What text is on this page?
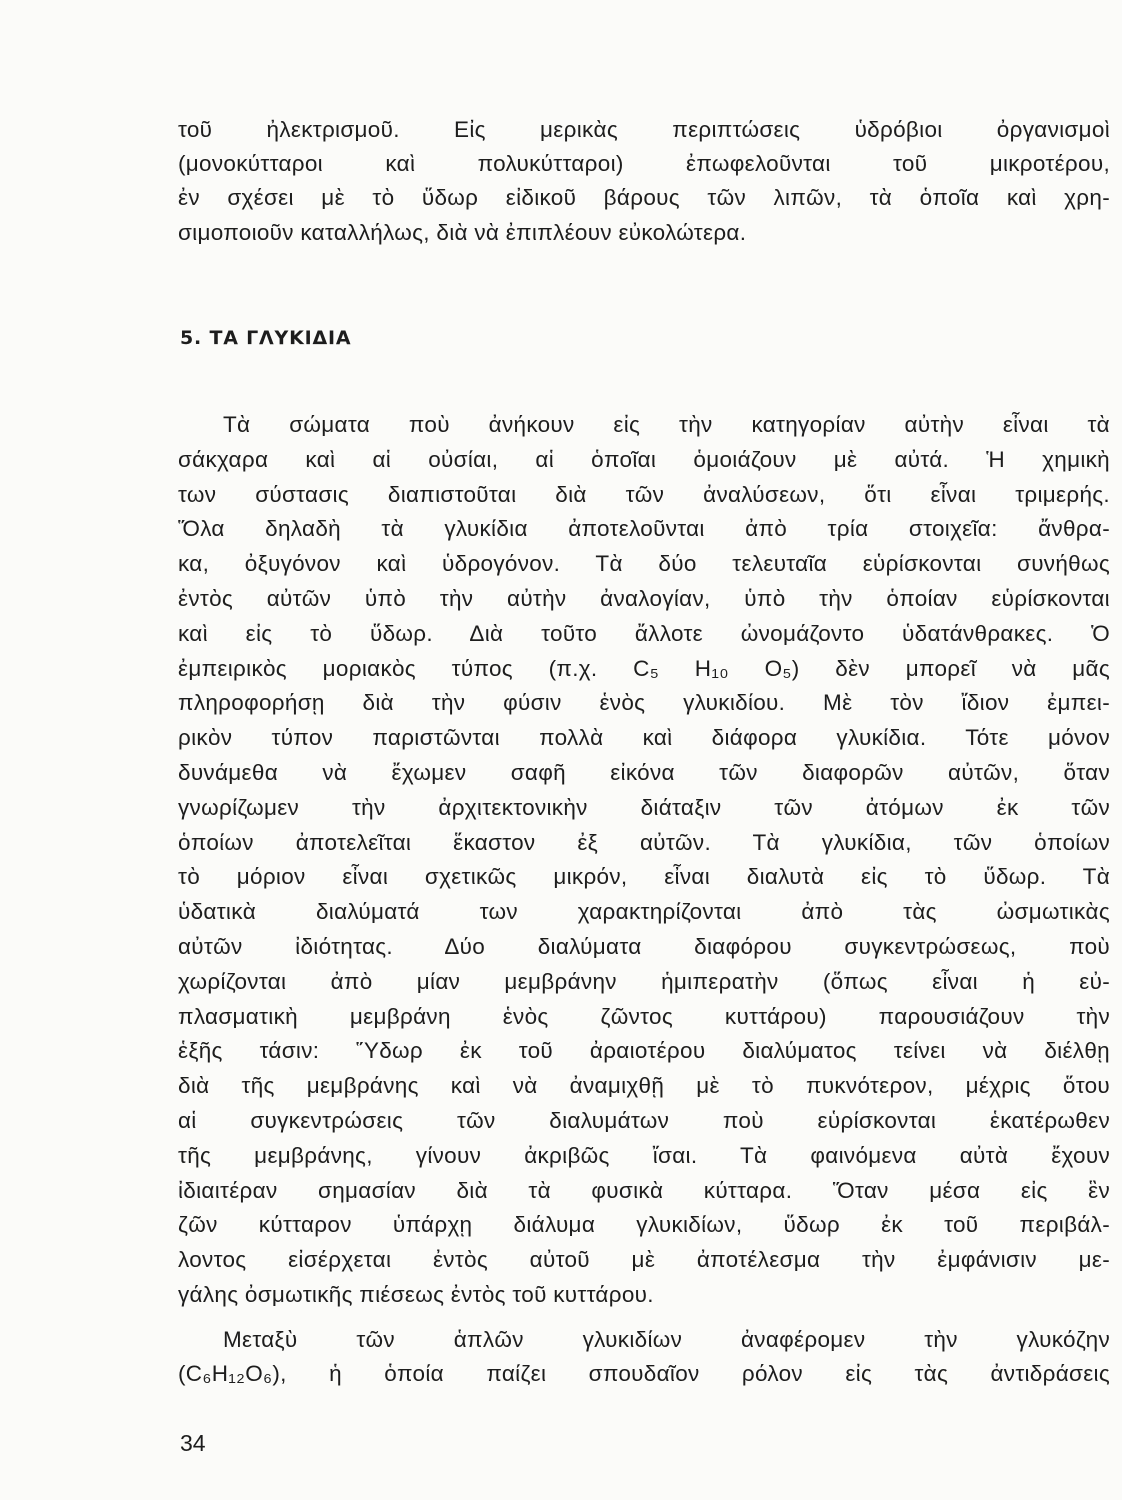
τοῦ ἠλεκτρισμοῦ. Εἰς μερικὰς περιπτώσεις ὑδρόβιοι ὀργανισμοὶ
(μονοκύτταροι καὶ πολυκύτταροι) ἐπωφελοῦνται τοῦ μικροτέρου,
ἐν σχέσει μὲ τὸ ὕδωρ εἰδικοῦ βάρους τῶν λιπῶν, τὰ ὁποῖα καὶ χρη-
σιμοποιοῦν καταλλήλως, διὰ νὰ ἐπιπλέουν εὐκολώτερα.
5. ΤΑ ΓΛΥΚΙΔΙΑ
Τὰ σώματα ποὺ ἀνήκουν εἰς τὴν κατηγορίαν αὐτὴν εἶναι τὰ
σάκχαρα καὶ αἱ οὐσίαι, αἱ ὁποῖαι ὁμοιάζουν μὲ αὐτά. Ἡ χημικὴ
των σύστασις διαπιστοῦται διὰ τῶν ἀναλύσεων, ὅτι εἶναι τριμερής.
Ὅλα δηλαδὴ τὰ γλυκίδια ἀποτελοῦνται ἀπὸ τρία στοιχεῖα: ἄνθρα-
κα, ὀξυγόνον καὶ ὑδρογόνον. Τὰ δύο τελευταῖα εὑρίσκονται συνήθως
ἐντὸς αὐτῶν ὑπὸ τὴν αὐτὴν ἀναλογίαν, ὑπὸ τὴν ὁποίαν εὑρίσκονται
καὶ εἰς τὸ ὕδωρ. Διὰ τοῦτο ἄλλοτε ὠνομάζοντο ὑδατάνθρακες. Ὁ
ἐμπειρικὸς μοριακὸς τύπος (π.χ. C₅ H₁₀ O₅) δὲν μπορεῖ νὰ μᾶς
πληροφορήσῃ διὰ τὴν φύσιν ἑνὸς γλυκιδίου. Μὲ τὸν ἴδιον ἐμπει-
ρικὸν τύπον παριστῶνται πολλὰ καὶ διάφορα γλυκίδια. Τότε μόνον
δυνάμεθα νὰ ἔχωμεν σαφῆ εἰκόνα τῶν διαφορῶν αὐτῶν, ὅταν
γνωρίζωμεν τὴν ἀρχιτεκτονικὴν διάταξιν τῶν ἀτόμων ἐκ τῶν
ὁποίων ἀποτελεῖται ἕκαστον ἐξ αὐτῶν. Τὰ γλυκίδια, τῶν ὁποίων
τὸ μόριον εἶναι σχετικῶς μικρόν, εἶναι διαλυτὰ εἰς τὸ ὕδωρ. Τὰ
ὑδατικὰ διαλύματά των χαρακτηρίζονται ἀπὸ τὰς ὠσμωτικὰς
αὐτῶν ἰδιότητας. Δύο διαλύματα διαφόρου συγκεντρώσεως, ποὺ
χωρίζονται ἀπὸ μίαν μεμβράνην ἡμιπερατὴν (ὅπως εἶναι ἡ εὐ-
πλασματικὴ μεμβράνη ἑνὸς ζῶντος κυττάρου) παρουσιάζουν τὴν
ἑξῆς τάσιν: Ὕδωρ ἐκ τοῦ ἀραιοτέρου διαλύματος τείνει νὰ διέλθῃ
διὰ τῆς μεμβράνης καὶ νὰ ἀναμιχθῇ μὲ τὸ πυκνότερον, μέχρις ὅτου
αἱ συγκεντρώσεις τῶν διαλυμάτων ποὺ εὑρίσκονται ἑκατέρωθεν
τῆς μεμβράνης, γίνουν ἀκριβῶς ἴσαι. Τὰ φαινόμενα αὐτὰ ἔχουν
ἰδιαιτέραν σημασίαν διὰ τὰ φυσικὰ κύτταρα. Ὅταν μέσα εἰς ἓν
ζῶν κύτταρον ὑπάρχῃ διάλυμα γλυκιδίων, ὕδωρ ἐκ τοῦ περιβάλ-
λοντος εἰσέρχεται ἐντὸς αὐτοῦ μὲ ἀποτέλεσμα τὴν ἐμφάνισιν με-
γάλης ὀσμωτικῆς πιέσεως ἐντὸς τοῦ κυττάρου.
Μεταξὺ τῶν ἁπλῶν γλυκιδίων ἀναφέρομεν τὴν γλυκόζην
(C₆H₁₂O₆), ἡ ὁποία παίζει σπουδαῖον ρόλον εἰς τὰς ἀντιδράσεις
34
